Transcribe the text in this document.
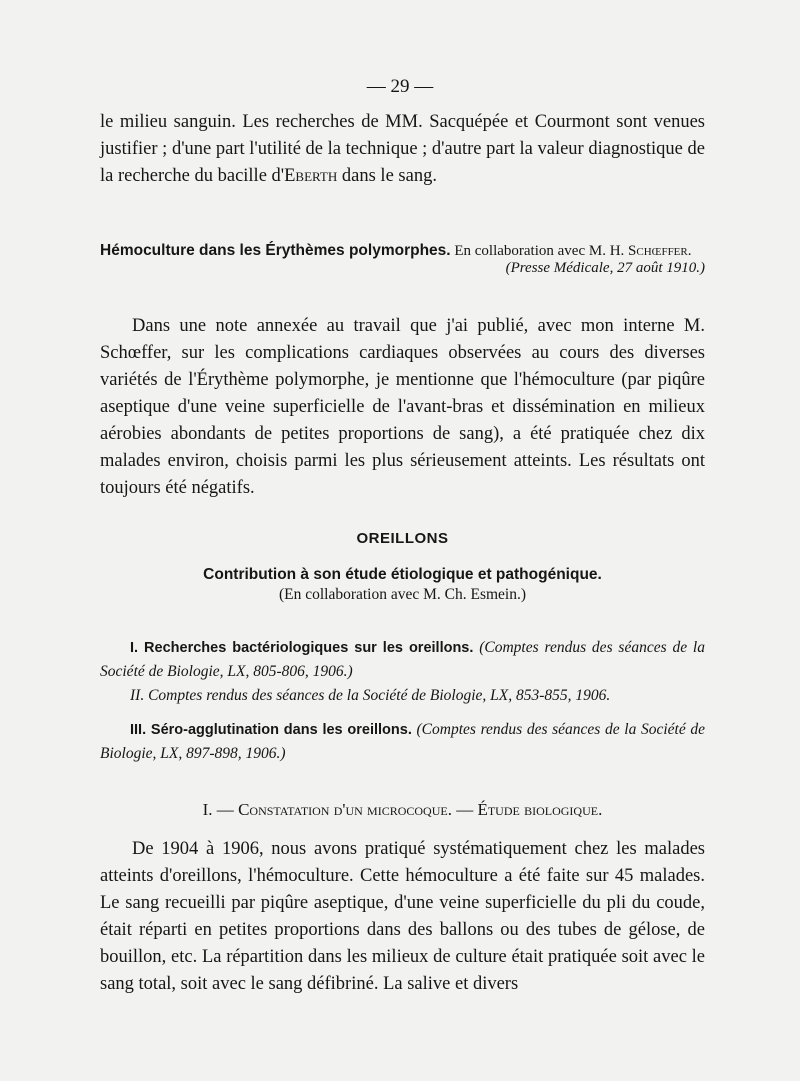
— 29 —

le milieu sanguin. Les recherches de MM. Sacquépée et Courmont sont venues justifier ; d'une part l'utilité de la technique ; d'autre part la valeur diagnostique de la recherche du bacille d'Eberth dans le sang.

Hémoculture dans les Érythèmes polymorphes. En collaboration avec M. H. Schœffer.
(Presse Médicale, 27 août 1910.)

Dans une note annexée au travail que j'ai publié, avec mon interne M. Schœffer, sur les complications cardiaques observées au cours des diverses variétés de l'Érythème polymorphe, je mentionne que l'hémoculture (par piqûre aseptique d'une veine superficielle de l'avant-bras et dissémination en milieux aérobies abondants de petites proportions de sang), a été pratiquée chez dix malades environ, choisis parmi les plus sérieusement atteints. Les résultats ont toujours été négatifs.

OREILLONS
Contribution à son étude étiologique et pathogénique.
(En collaboration avec M. Ch. Esmein.)

I. Recherches bactériologiques sur les oreillons. (Comptes rendus des séances de la Société de Biologie, LX, 805-806, 1906.)

II. Comptes rendus des séances de la Société de Biologie, LX, 853-855, 1906.

III. Séro-agglutination dans les oreillons. (Comptes rendus des séances de la Société de Biologie, LX, 897-898, 1906.)

I. — Constatation d'un microcoque. — Étude biologique.

De 1904 à 1906, nous avons pratiqué systématiquement chez les malades atteints d'oreillons, l'hémoculture. Cette hémoculture a été faite sur 45 malades. Le sang recueilli par piqûre aseptique, d'une veine superficielle du pli du coude, était réparti en petites proportions dans des ballons ou des tubes de gélose, de bouillon, etc. La répartition dans les milieux de culture était pratiquée soit avec le sang total, soit avec le sang défibriné. La salive et divers
